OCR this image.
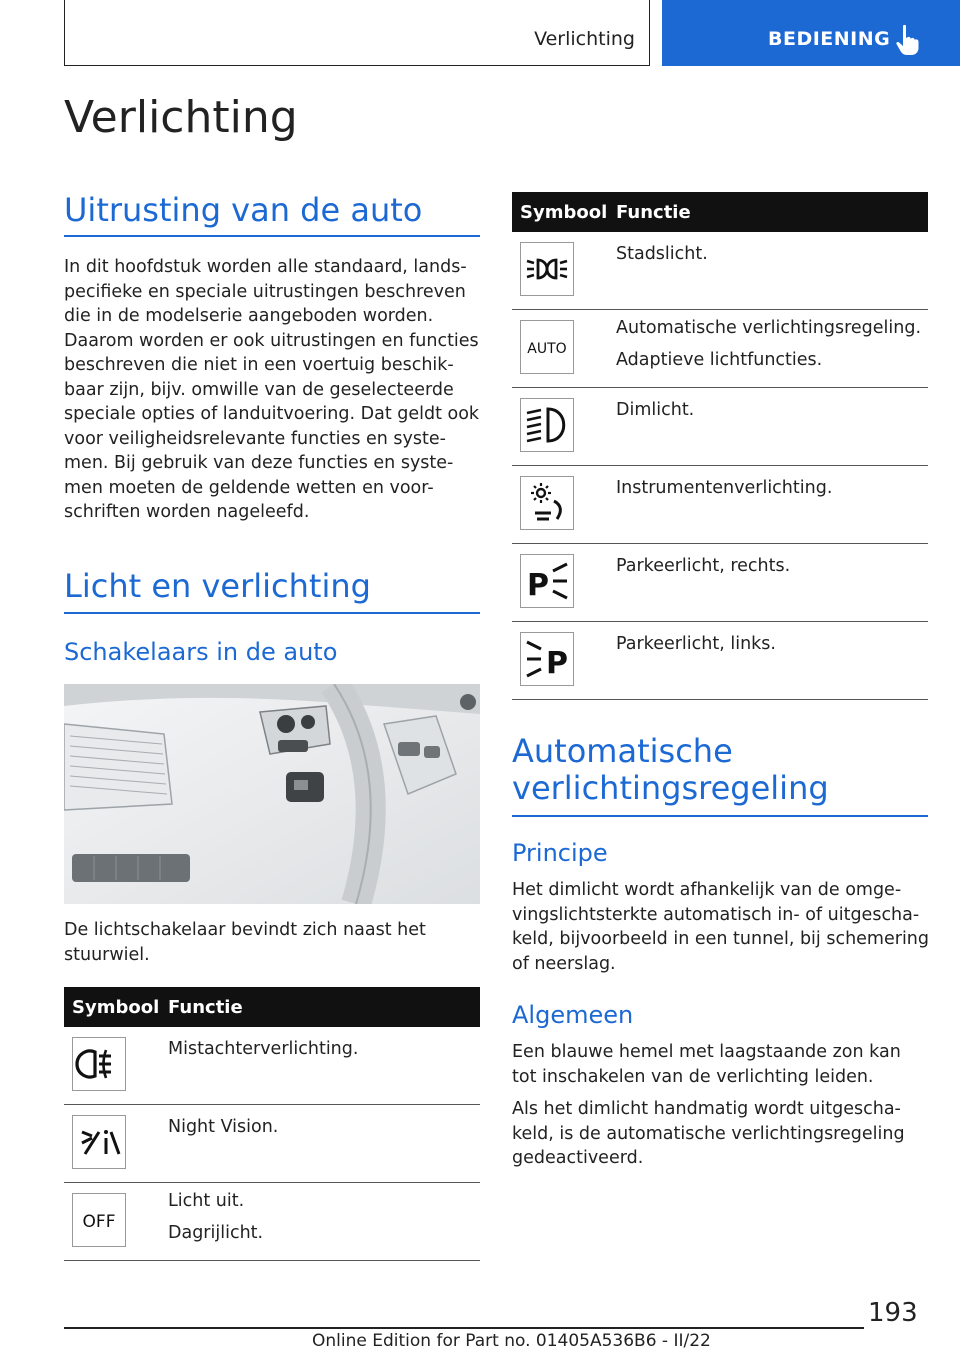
Verlichting	BEDIENING
Verlichting
Uitrusting van de auto
In dit hoofdstuk worden alle standaard, lands-
pecifieke en speciale uitrustingen beschreven
die in de modelserie aangeboden worden.
Daarom worden er ook uitrustingen en functies
beschreven die niet in een voertuig beschik-
baar zijn, bijv. omwille van de geselecteerde
speciale opties of landuitvoering. Dat geldt ook
voor veiligheidsrelevante functies en syste-
men. Bij gebruik van deze functies en syste-
men moeten de geldende wetten en voor-
schriften worden nageleefd.
Licht en verlichting
Schakelaars in de auto
De lichtschakelaar bevindt zich naast het
stuurwiel.
Symbool Functie
Mistachterverlichting.
Night Vision.
OFF
Licht uit.
Dagrijlicht.
Symbool Functie
Stadslicht.
AUTO
Automatische verlichtingsregeling.
Adaptieve lichtfuncties.
Dimlicht.
Instrumentenverlichting.
P
Parkeerlicht, rechts.
P
Parkeerlicht, links.
Automatische
verlichtingsregeling
Principe
Het dimlicht wordt afhankelijk van de omge-
vingslichtsterkte automatisch in- of uitgescha-
keld, bijvoorbeeld in een tunnel, bij schemering
of neerslag.
Algemeen
Een blauwe hemel met laagstaande zon kan
tot inschakelen van de verlichting leiden.
Als het dimlicht handmatig wordt uitgescha-
keld, is de automatische verlichtingsregeling
gedeactiveerd.
193
Online Edition for Part no. 01405A536B6 - II/22
